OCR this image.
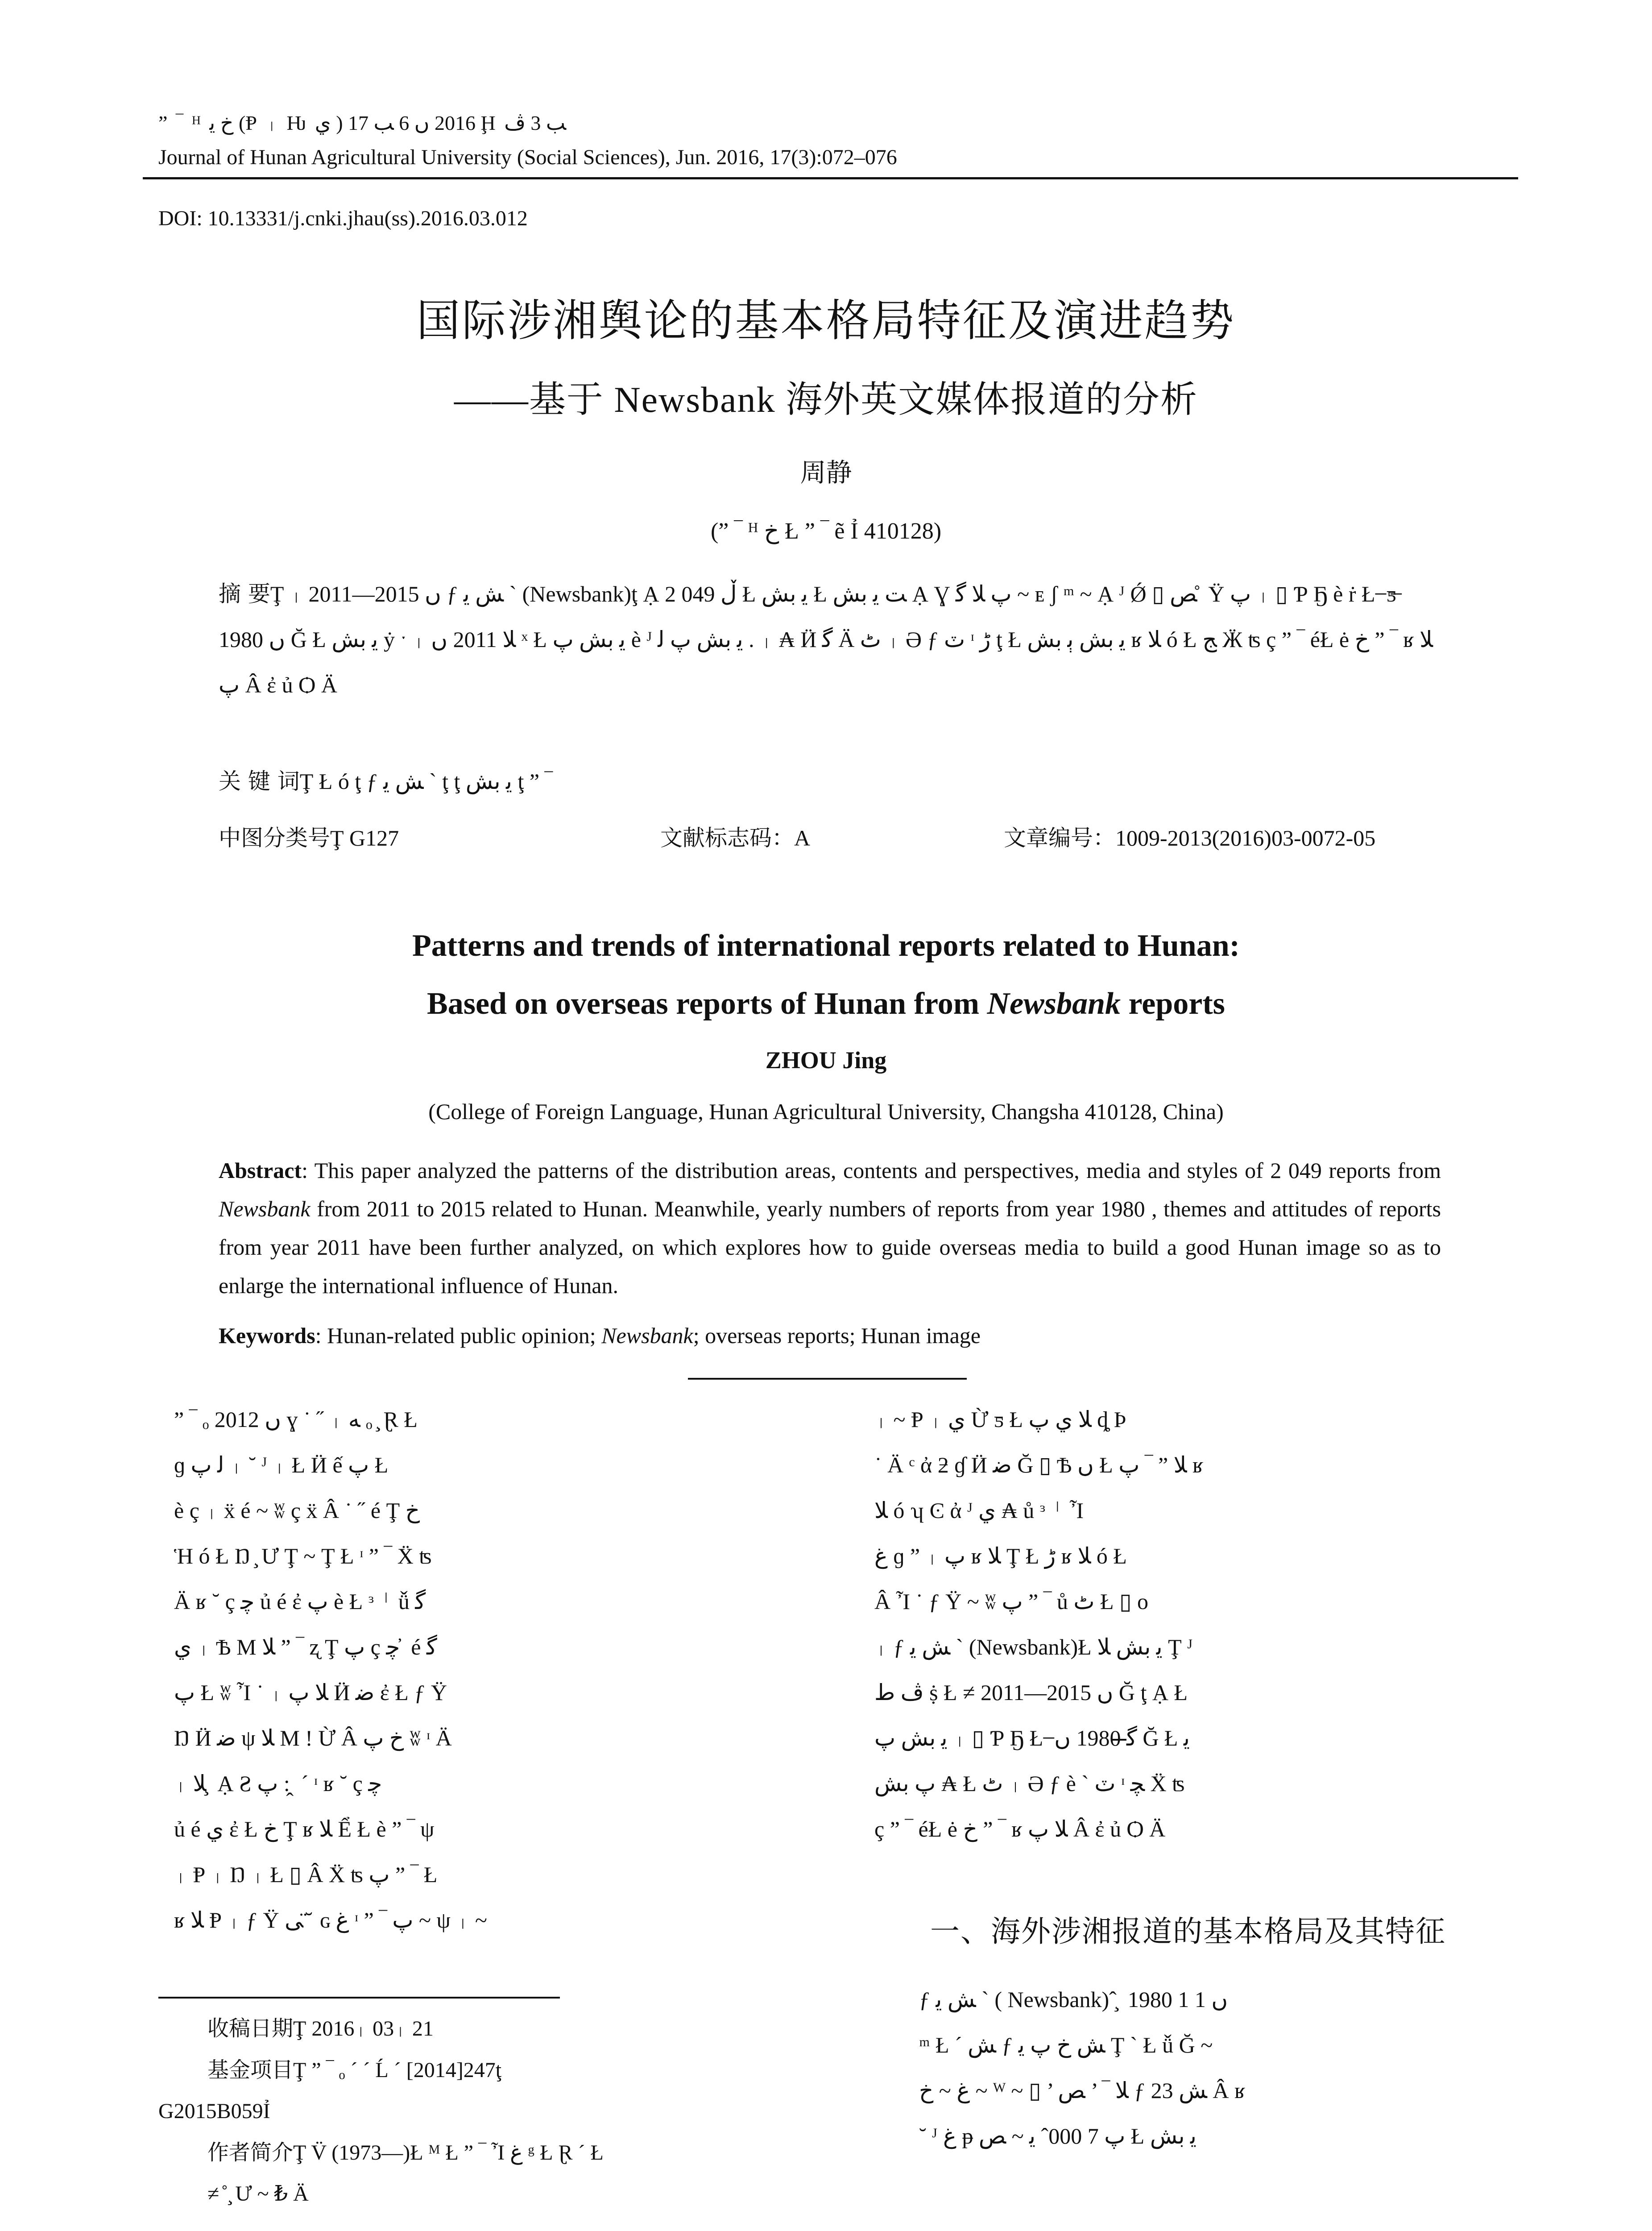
” ‾ ᴴ ﺥ ﯾ (Ᵽ ᛧ Ƕ ﻱ ) 2016 ں 6 ﺐ 17 Ḩ ﺐ 3 ﭪ
Journal of Hunan Agricultural University (Social Sciences), Jun. 2016, 17(3):072–076
DOI: 10.13331/j.cnki.jhau(ss).2016.03.012
国际涉湘舆论的基本格局特征及演进趋势
——基于 Newsbank 海外英文媒体报道的分析
周静
(” ‾ ᴴ ﺥ Ł ” ‾ ẽ Ỉ 410128)
摘 要Ţ ᛧ 2011—2015 ں ƒ ﺶ ﯾ ` (Newsbank)ţ Ạ 2 049 ڵ Ł ﯾ ﺑﺶ Ł ﺖ ﯾ ﺑﺶ Ạ Ɣ پ ﻼ ﮔ ~ ᴇ ʃ ᵐ ~ Ạ ᴶ Ǿ ▯ ﺺ ̊ Ÿ پ ᛧ ▯ Ƥ Ҕ è ṙ Ł ̶ ƽ̶ 1980 ں Ğ Ł ﯾ ﺑﺶ ẏ ˑ ᛧ ﻼ 2011 ں ˣ Ł ﯾ ﺑﺶ پ è ᴶ ﯾ ﺑﺶ پ ﻟ . ᛧ ₳ Ӥ ﮔ Ä ٹ ᛧ Ə ƒ ٽ ᶦ ڑ ţ Ł ﯾ ﺑﺶ ﯦ ﺑﺶ ʁ ﻼ ó Ł ﺞ Ӝ ʦ ç ” ‾ éŁ ė ﺥ ” ‾ ʁ ﻼ پ Â ἐ ủ Ѻ Ä
关 键 词Ţ Ł ó ţ ƒ ﺶ ﯾ ` ţ ţ ﯾ ﺑﺶ ţ ” ‾
中图分类号Ţ G127	文献标志码：A	文章编号：1009-2013(2016)03-0072-05
Patterns and trends of international reports related to Hunan:
Based on overseas reports of Hunan from Newsbank reports
ZHOU Jing
(College of Foreign Language, Hunan Agricultural University, Changsha 410128, China)
Abstract: This paper analyzed the patterns of the distribution areas, contents and perspectives, media and styles of 2 049 reports from Newsbank from 2011 to 2015 related to Hunan. Meanwhile, yearly numbers of reports from year 1980 , themes and attitudes of reports from year 2011 have been further analyzed, on which explores how to guide overseas media to build a good Hunan image so as to enlarge the international influence of Hunan.
Keywords: Hunan-related public opinion; Newsbank; overseas reports; Hunan image
” ‾ ₒ 2012 ں ɣ ˙ ˝ ᛧ ﻪ ₒ ̧ Ɽ Ł
ɡ ﻟ پ ᛧ ˘ ᴶ ᛧ Ł Ӥ ế پ Ł
è ç ᛧ ẍ é ~ ʬ ç ẍ Â ˙ ˝ é Ţ ﺥ
Ἡ ó Ł Ŋ ̧ Ư Ţ ~ Ţ Ł ᶦ ” ‾ Ẍ ʦ
Ä ʁ ˘ ç ﭼ ủ é ἐ پ è Ł ᶟ ᛌ ǚ ﮔ
ﻱ ᛧ Ѣ M ﻼ ” ‾ ʐ Ţ پ ç ﭼ ̓ é ﮔ
پ Ł ʬ Ἶ ˙ ᛧ ﻼ پ Ӥ ﺿ ἐ Ł ƒ Ÿ
Ŋ Ӥ ﺿ ψ ﻼ M ! Ừ Â ﺥ پ ʬ ᶦ Ä
ᛧ ﻼ ̧ Ạ Ƨ پ : ̭ ˊ ᶦ ʁ ˘ ç ﭼ
ủ é ﻱ ἐ Ł ﺥ Ţ ʁ ﻼ Ể Ł è ” ‾ ψ
ᛧ Ᵽ ᛧ Ŋ ᛧ Ł ▯ Â Ẍ ʦ پ ” ‾ Ł
ʁ ﻼ Ᵽ ᛧ ƒ Ÿ ﻰ ̈ ̆ ɢ ﻍ ᶦ ” ‾ پ ~ ψ ᛧ ~
ᛧ ~ Ᵽ ᛧ ﻱ Ừ ƽ Ł ﻼ ﻱ پ ȡ Þ
˙ Ä ᶜ ἀ ƻ ɠ Ӥ ﺿ Ğ ▯ Ѣ ں Ł ﻼ ” ‾ پ ʁ
ﻼ ó ʮ Ͼ ἀ ᴶ ﻱ ₳ ů ᶟ ᛌ Ἶ
ﻍ ɡ ” ᛧ پ ʁ ﻼ Ţ Ł ڑ ʁ ﻼ ó Ł
Â Ἶ ˙ ƒ Ÿ ~ ʬ پ ” ‾ ů ٹ Ł ▯ o
ᛧ ƒ ﺶ ﯾ ` (Newsbank)Ł ﯾ ﺑﺶ ﻼ Ţ ᴶ
ﭪ ط ṩ Ł ≠ 2011—2015 ں Ğ ţ Ạ Ł
ﯾ ﺑﺶ پ ᛧ ▯ Ƥ Ҕ Ł ̶ ﮔ̶ 1980 ں Ğ Ł ﯾ
پ ﺑﺶ ₳ Ł ٹ ᛧ Ə ƒ è ` ٽ ᶦ ﭽ Ẍ ʦ
ç ” ‾ éŁ ė ﺥ ” ‾ ʁ ﻼ پ Â ἐ ủ Ѻ Ä
一、海外涉湘报道的基本格局及其特征
ƒ ﺶ ﯾ ` ( Newsbank)ˆ ̧ 1980 ں 1 1
ᵐ Ł ˊ ﺶ ƒ ﺶ ﺥ پ ﯾ Ţ ` Ł ǚ Ğ ~
ﻍ ~ ﺥ ~ ᵂ ~ ▯ ’ ﻼ ‾ ’ ﺺ ƒ ﺶ 23 Â ʁ
˘ ᴶ ﻍ ᵽ پ 7 000ˆ ﯾ ~ ﺺ Ł ﯾ ﺑﺶ
收稿日期Ţ 2016ᛧ 03ᛧ 21
基金项目Ţ ” ‾ ₒ ˊ ˊ Ĺ ˊ [2014]247ţ
G2015B059Ỉ
作者简介Ţ V̈ (1973—)Ł ᴹ Ł ” ‾ Ἶ ﻍ ᵍ Ł Ɽ ˊ Ł
≠ ̊ ̧ Ư ~ ₺ Ä
